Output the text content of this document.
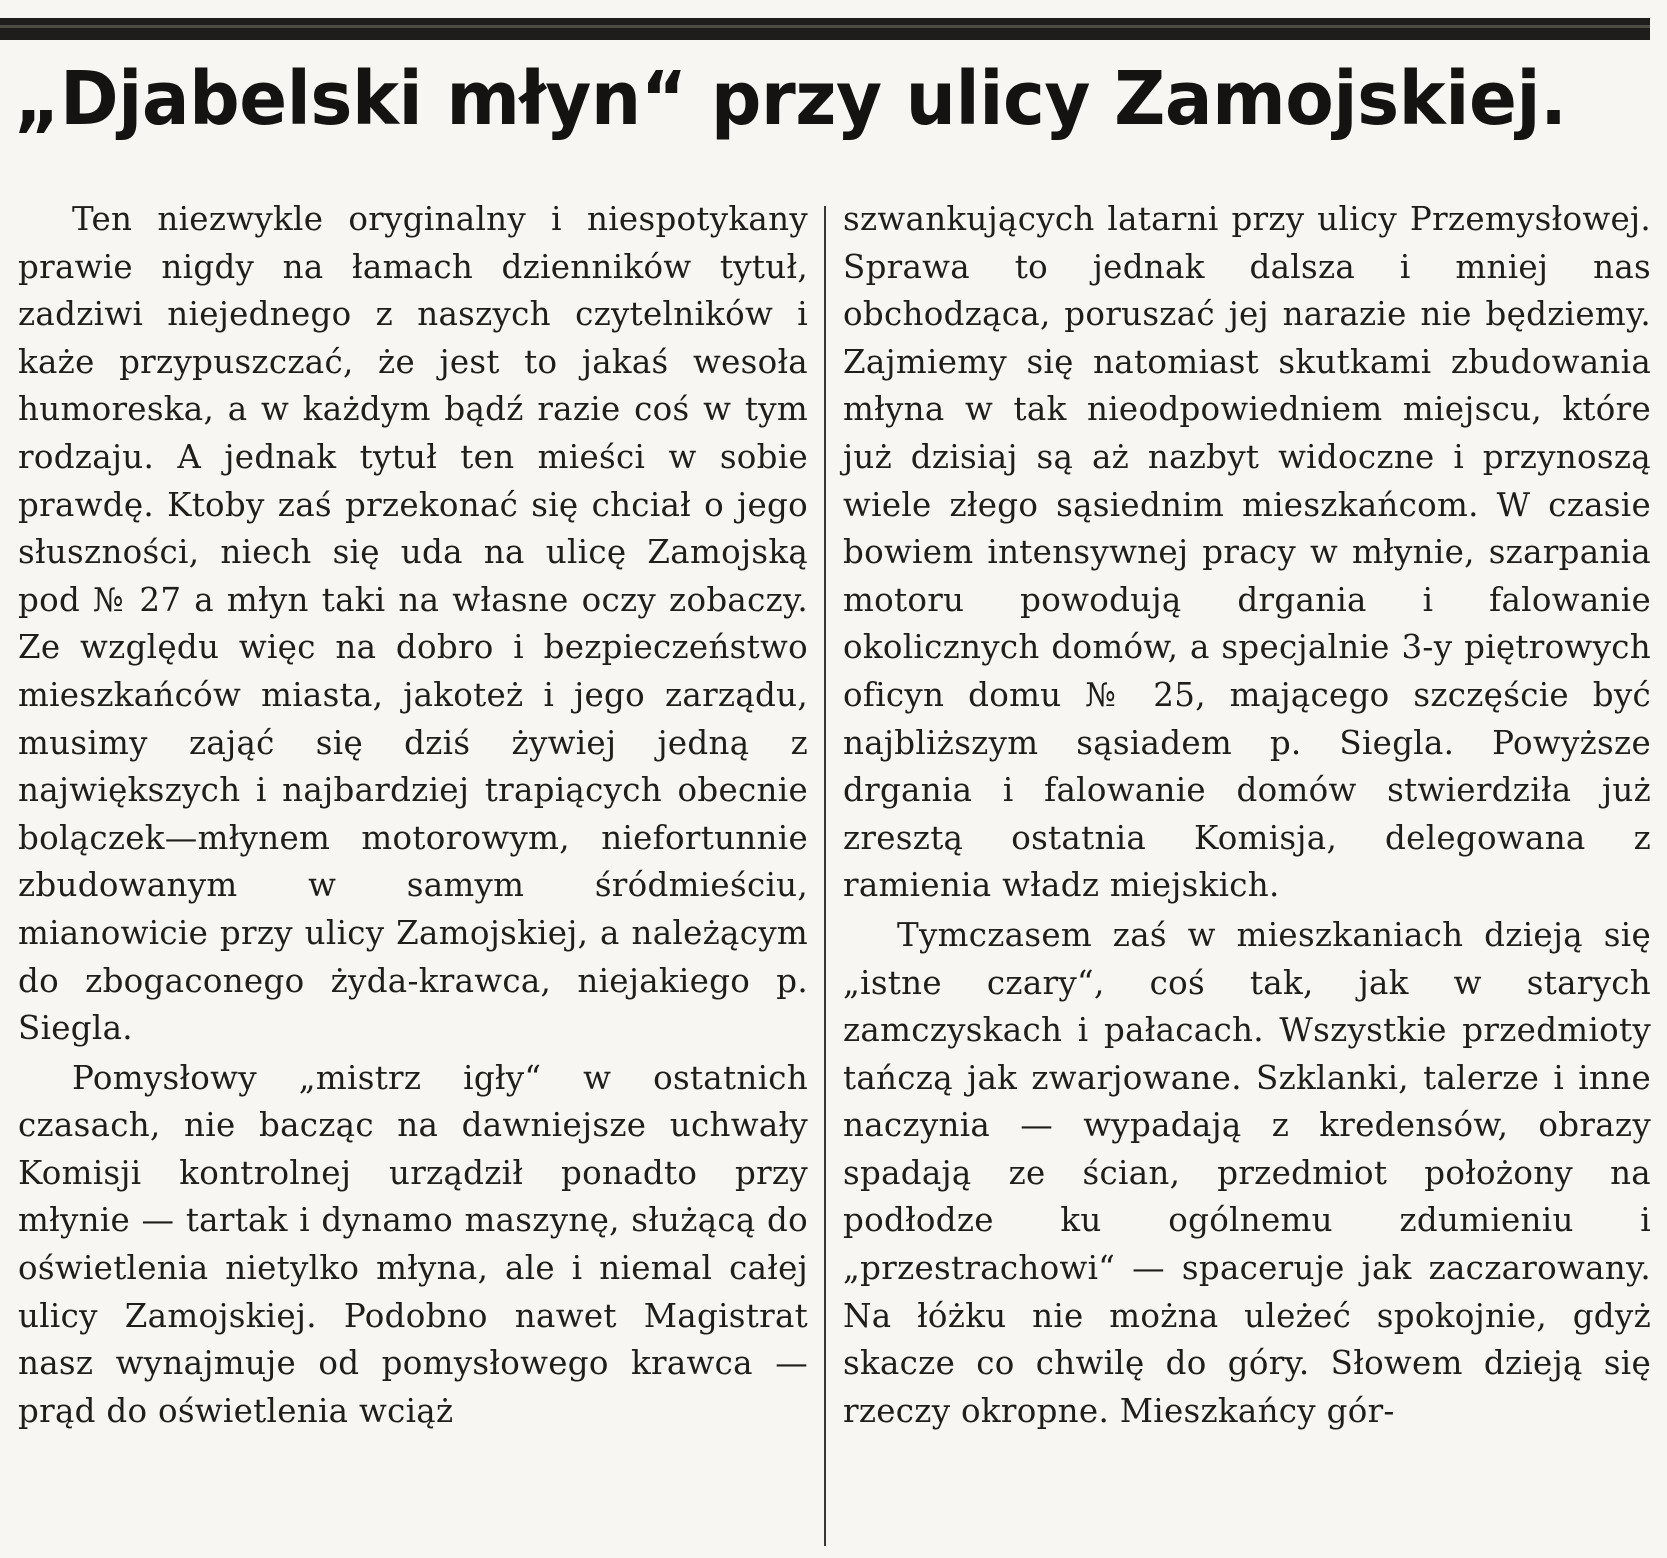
„Djabelski młyn“ przy ulicy Zamojskiej.

Ten niezwykle oryginalny i niespotykany prawie nigdy na łamach dzienników tytuł, zadziwi niejednego z naszych czytelników i każe przypuszczać, że jest to jakaś wesoła humoreska, a w każdym bądź razie coś w tym rodzaju. A jednak tytuł ten mieści w sobie prawdę. Ktoby zaś przekonać się chciał o jego słuszności, niech się uda na ulicę Zamojską pod № 27 a młyn taki na własne oczy zobaczy. Ze względu więc na dobro i bezpieczeństwo mieszkańców miasta, jakoteż i jego zarządu, musimy zająć się dziś żywiej jedną z największych i najbardziej trapiących obecnie bolączek—młynem motorowym, niefortunnie zbudowanym w samym śródmieściu, mianowicie przy ulicy Zamojskiej, a należącym do zbogaconego żyda-krawca, niejakiego p. Siegla.

Pomysłowy „mistrz igły“ w ostatnich czasach, nie bacząc na dawniejsze uchwały Komisji kontrolnej urządził ponadto przy młynie — tartak i dynamo maszynę, służącą do oświetlenia nietylko młyna, ale i niemal całej ulicy Zamojskiej. Podobno nawet Magistrat nasz wynajmuje od pomysłowego krawca — prąd do oświetlenia wciąż

szwankujących latarni przy ulicy Przemysłowej. Sprawa to jednak dalsza i mniej nas obchodząca, poruszać jej narazie nie będziemy. Zajmiemy się natomiast skutkami zbudowania młyna w tak nieodpowiedniem miejscu, które już dzisiaj są aż nazbyt widoczne i przynoszą wiele złego sąsiednim mieszkańcom. W czasie bowiem intensywnej pracy w młynie, szarpania motoru powodują drgania i falowanie okolicznych domów, a specjalnie 3-y piętrowych oficyn domu № 25, mającego szczęście być najbliższym sąsiadem p. Siegla. Powyższe drgania i falowanie domów stwierdziła już zresztą ostatnia Komisja, delegowana z ramienia władz miejskich.

Tymczasem zaś w mieszkaniach dzieją się „istne czary“, coś tak, jak w starych zamczyskach i pałacach. Wszystkie przedmioty tańczą jak zwarjowane. Szklanki, talerze i inne naczynia — wypadają z kredensów, obrazy spadają ze ścian, przedmiot położony na podłodze ku ogólnemu zdumieniu i „przestrachowi“ — spaceruje jak zaczarowany. Na łóżku nie można uleżeć spokojnie, gdyż skacze co chwilę do góry. Słowem dzieją się rzeczy okropne. Mieszkańcy gór-
